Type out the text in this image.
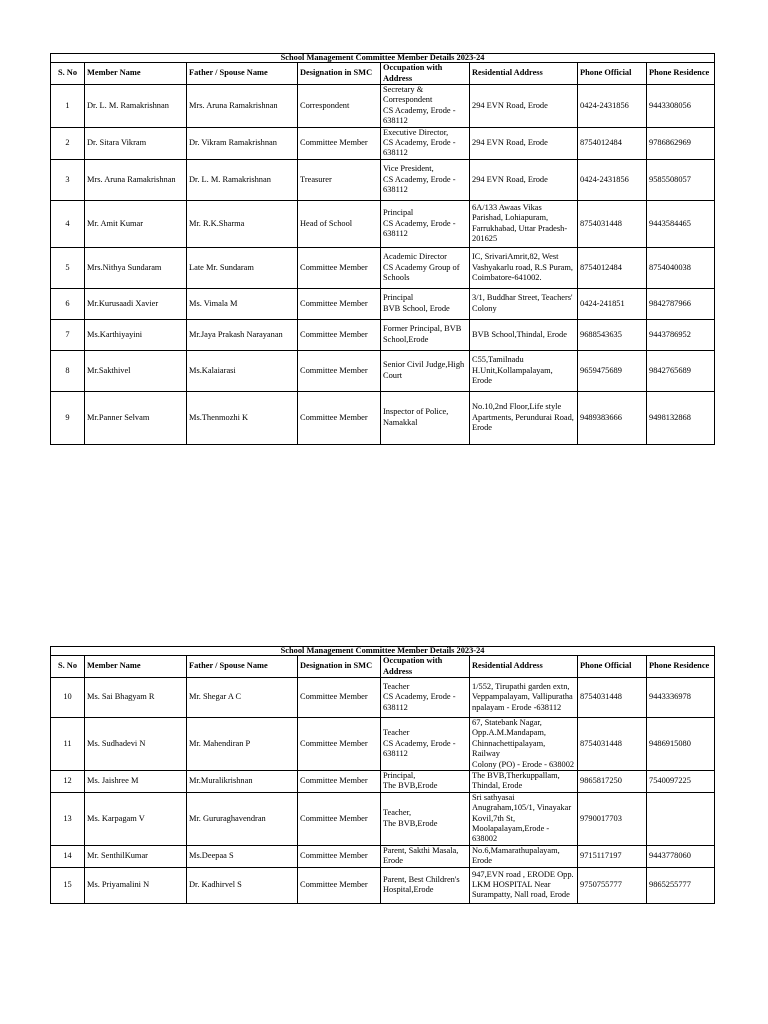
School Management Committee Member Details 2023-24							
S. No	Member Name	Father / Spouse Name	Designation in SMC	Occupation with Address	Residential Address	Phone Official	Phone Residence
1	Dr. L. M. Ramakrishnan	Mrs. Aruna Ramakrishnan	Correspondent	Secretary &
Correspondent
CS Academy, Erode -
638112	294 EVN Road, Erode	0424-2431856	9443308056
2	Dr. Sitara Vikram	Dr. Vikram Ramakrishnan	Committee Member	Executive Director,
CS Academy, Erode -
638112	294 EVN Road, Erode	8754012484	9786862969
3	Mrs. Aruna Ramakrishnan	Dr. L. M. Ramakrishnan	Treasurer	Vice President,
CS Academy, Erode -
638112	294 EVN Road, Erode	0424-2431856	9585508057
4	Mr. Amit Kumar	Mr. R.K.Sharma	Head of School	Principal
CS Academy, Erode -
638112	6A/133 Awaas Vikas
Parishad, Lohiapuram,
Farrukhabad, Uttar Pradesh-
201625	8754031448	9443584465
5	Mrs.Nithya Sundaram	Late Mr. Sundaram	Committee Member	Academic Director
CS Academy Group of
Schools	IC, SrivariAmrit,82, West
Vashyakarlu road, R.S Puram,
Coimbatore-641002.	8754012484	8754040038
6	Mr.Kurusaadi Xavier	Ms. Vimala M	Committee Member	Principal
BVB School, Erode	3/1, Buddhar Street, Teachers'
Colony	0424-241851	9842787966
7	Ms.Karthiyayini	Mr.Jaya Prakash Narayanan	Committee Member	Former Principal, BVB
School,Erode	BVB School,Thindal, Erode	9688543635	9443786952
8	Mr.Sakthivel	Ms.Kalaiarasi	Committee Member	Senior Civil Judge,High
Court	C55,Tamilnadu
H.Unit,Kollampalayam,
Erode	9659475689	9842765689
9	Mr.Panner Selvam	Ms.Thenmozhi K	Committee Member	Inspector of Police,
Namakkal	No.10,2nd Floor,Life style
Apartments, Perundurai Road,
Erode	9489383666	9498132868
School Management Committee Member Details 2023-24							
S. No	Member Name	Father / Spouse Name	Designation in SMC	Occupation with Address	Residential Address	Phone Official	Phone Residence
10	Ms. Sai Bhagyam R	Mr. Shegar A C	Committee Member	Teacher
CS Academy, Erode -
638112	1/552, Tirupathi garden extn,
Veppampalayam, Vallipuratha
npalayam - Erode -638112	8754031448	9443336978
11	Ms. Sudhadevi N	Mr. Mahendiran P	Committee Member	Teacher
CS Academy, Erode -
638112	67, Statebank Nagar,
Opp.A.M.Mandapam,
Chinnachettipalayam, Railway
Colony (PO) - Erode - 638002	8754031448	9486915080
12	Ms. Jaishree M	Mr.Muralikrishnan	Committee Member	Principal,
The BVB,Erode	The BVB,Therkuppallam,
Thindal, Erode	9865817250	7540097225
13	Ms. Karpagam V	Mr. Gururaghavendran	Committee Member	Teacher,
The BVB,Erode	Sri sathyasai
Anugraham,105/1, Vinayakar
Kovil,7th St,
Moolapalayam,Erode -
638002	9790017703	
14	Mr. SenthilKumar	Ms.Deepaa S	Committee Member	Parent, Sakthi Masala,
Erode	No.6,Mamarathupalayam,
Erode	9715117197	9443778060
15	Ms. Priyamalini N	Dr. Kadhirvel S	Committee Member	Parent, Best Children's
Hospital,Erode	947,EVN road , ERODE Opp.
LKM HOSPITAL Near
Surampatty, Nall road, Erode	9750755777	9865255777
